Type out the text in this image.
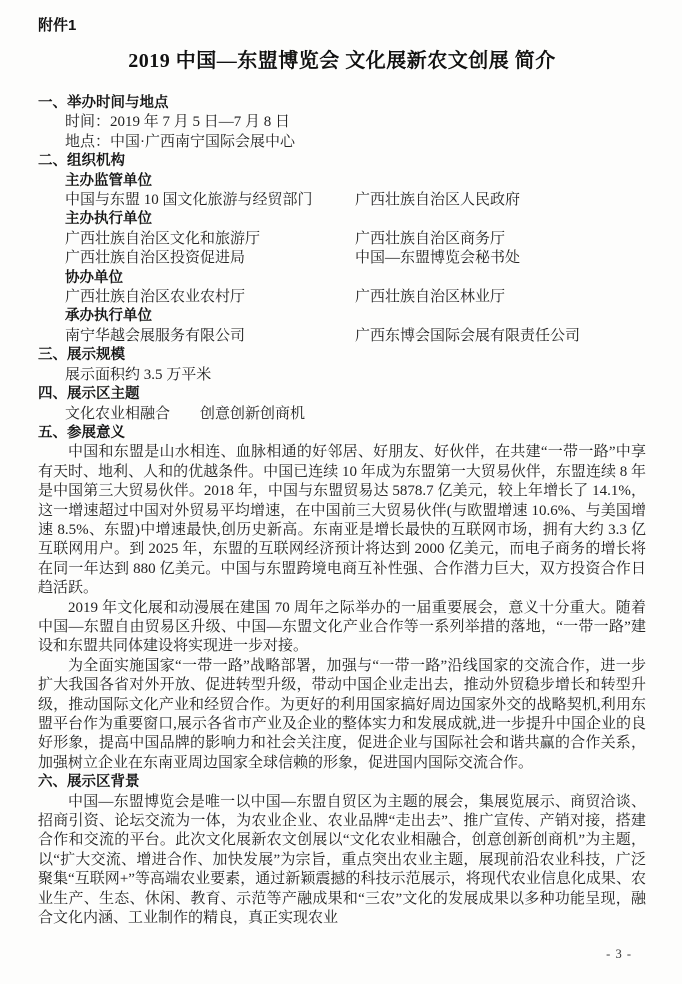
附件1
2019 中国—东盟博览会 文化展新农文创展 简介
一、举办时间与地点
时间：2019 年 7 月 5 日—7 月 8 日
地点：中国·广西南宁国际会展中心
二、组织机构
主办监管单位
中国与东盟 10 国文化旅游与经贸部门	广西壮族自治区人民政府
主办执行单位
广西壮族自治区文化和旅游厅	广西壮族自治区商务厅
广西壮族自治区投资促进局	中国—东盟博览会秘书处
协办单位
广西壮族自治区农业农村厅	广西壮族自治区林业厅
承办执行单位
南宁华越会展服务有限公司	广西东博会国际会展有限责任公司
三、展示规模
展示面积约 3.5 万平米
四、展示区主题
文化农业相融合　　创意创新创商机
五、参展意义

中国和东盟是山水相连、血脉相通的好邻居、好朋友、好伙伴，在共建“一带一路”中享有天时、地利、人和的优越条件。中国已连续 10 年成为东盟第一大贸易伙伴，东盟连续 8 年是中国第三大贸易伙伴。2018 年，中国与东盟贸易达 5878.7 亿美元，较上年增长了 14.1%，这一增速超过中国对外贸易平均增速，在中国前三大贸易伙伴(与欧盟增速 10.6%、与美国增速 8.5%、东盟)中增速最快,创历史新高。东南亚是增长最快的互联网市场，拥有大约 3.3 亿互联网用户。到 2025 年，东盟的互联网经济预计将达到 2000 亿美元，而电子商务的增长将在同一年达到 880 亿美元。中国与东盟跨境电商互补性强、合作潜力巨大，双方投资合作日趋活跃。

2019 年文化展和动漫展在建国 70 周年之际举办的一届重要展会，意义十分重大。随着中国—东盟自由贸易区升级、中国—东盟文化产业合作等一系列举措的落地，“一带一路”建设和东盟共同体建设将实现进一步对接。

为全面实施国家“一带一路”战略部署，加强与“一带一路”沿线国家的交流合作，进一步扩大我国各省对外开放、促进转型升级，带动中国企业走出去，推动外贸稳步增长和转型升级，推动国际文化产业和经贸合作。为更好的利用国家搞好周边国家外交的战略契机,利用东盟平台作为重要窗口,展示各省市产业及企业的整体实力和发展成就,进一步提升中国企业的良好形象，提高中国品牌的影响力和社会关注度，促进企业与国际社会和谐共赢的合作关系，加强树立企业在东南亚周边国家全球信赖的形象，促进国内国际交流合作。

六、展示区背景

中国—东盟博览会是唯一以中国—东盟自贸区为主题的展会，集展览展示、商贸洽谈、招商引资、论坛交流为一体，为农业企业、农业品牌“走出去”、推广宣传、产销对接，搭建合作和交流的平台。此次文化展新农文创展以“文化农业相融合，创意创新创商机”为主题，以“扩大交流、增进合作、加快发展”为宗旨，重点突出农业主题，展现前沿农业科技，广泛聚集“互联网+”等高端农业要素，通过新颖震撼的科技示范展示，将现代农业信息化成果、农业生产、生态、休闲、教育、示范等产融成果和“三农”文化的发展成果以多种功能呈现，融合文化内涵、工业制作的精良，真正实现农业

- 3 -
